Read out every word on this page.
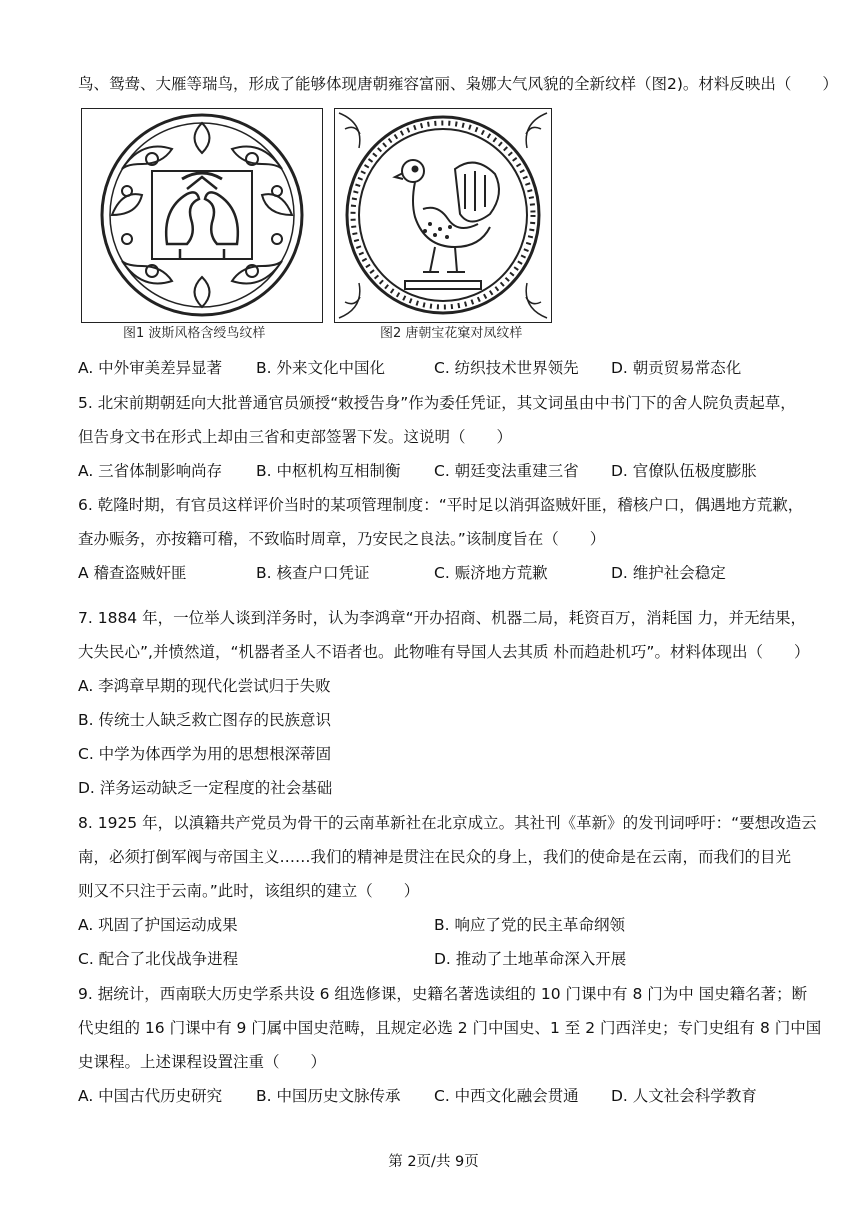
鸟、鸳鸯、大雁等瑞鸟，形成了能够体现唐朝雍容富丽、枭娜大气风貌的全新纹样（图2)。材料反映出（　　）
图1 波斯风格含绶鸟纹样	图2 唐朝宝花窠对凤纹样
A. 中外审美差异显著 B. 外来文化中国化	C. 纺织技术世界领先 D. 朝贡贸易常态化
5. 北宋前期朝廷向大批普通官员颁授“敕授告身”作为委任凭证，其文词虽由中书门下的舍人院负责起草，
但告身文书在形式上却由三省和吏部签署下发。这说明（　　）
A. 三省体制影响尚存 B. 中枢机构互相制衡 C. 朝廷变法重建三省 D. 官僚队伍极度膨胀
6. 乾隆时期，有官员这样评价当时的某项管理制度：“平时足以消弭盗贼奸匪，稽核户口，偶遇地方荒歉，
查办赈务，亦按籍可稽，不致临时周章，乃安民之良法。”该制度旨在（　　）
A 稽查盗贼奸匪	B. 核查户口凭证	C. 赈济地方荒歉	D. 维护社会稳定
7. 1884 年，一位举人谈到洋务时，认为李鸿章“开办招商、机器二局，耗资百万，消耗国 力，并无结果，
大失民心”,并愤然道，“机器者圣人不语者也。此物唯有导国人去其质 朴而趋赴机巧”。材料体现出（　　）
A. 李鸿章早期的现代化尝试归于失败
B. 传统士人缺乏救亡图存的民族意识
C. 中学为体西学为用的思想根深蒂固
D. 洋务运动缺乏一定程度的社会基础
8. 1925 年，以滇籍共产党员为骨干的云南革新社在北京成立。其社刊《革新》的发刊词呼吁：“要想改造云
南，必须打倒军阀与帝国主义……我们的精神是贯注在民众的身上，我们的使命是在云南，而我们的目光
则又不只注于云南。”此时，该组织的建立（　　）
A. 巩固了护国运动成果	B. 响应了党的民主革命纲领
C. 配合了北伐战争进程	D. 推动了土地革命深入开展
9. 据统计，西南联大历史学系共设 6 组选修课，史籍名著选读组的 10 门课中有 8 门为中 国史籍名著；断
代史组的 16 门课中有 9 门属中国史范畴，且规定必选 2 门中国史、1 至 2 门西洋史；专门史组有 8 门中国
史课程。上述课程设置注重（　　）
A. 中国古代历史研究 B. 中国历史文脉传承 C. 中西文化融会贯通 D. 人文社会科学教育
第 2页/共 9页
